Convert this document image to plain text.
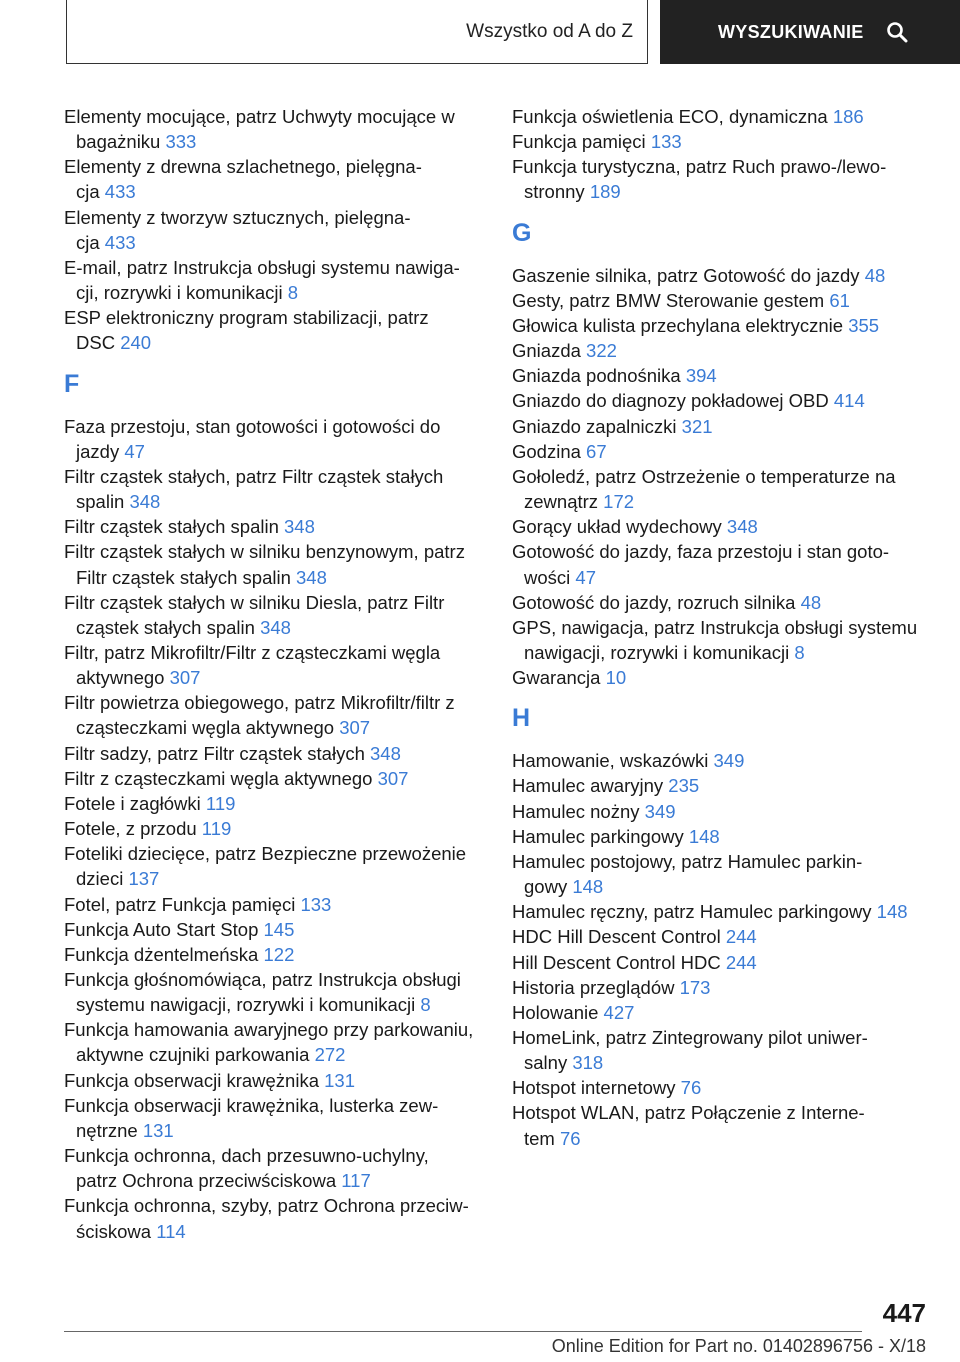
Wszystko od A do Z	WYSZUKIWANIE

Elementy mocujące, patrz Uchwyty mocujące w
bagażniku 333

Elementy z drewna szlachetnego, pielęgna-
cja 433

Elementy z tworzyw sztucznych, pielęgna-
cja 433

E-mail, patrz Instrukcja obsługi systemu nawiga-
cji, rozrywki i komunikacji 8

ESP elektroniczny program stabilizacji, patrz
DSC 240

F

Faza przestoju, stan gotowości i gotowości do
jazdy 47

Filtr cząstek stałych, patrz Filtr cząstek stałych
spalin 348

Filtr cząstek stałych spalin 348

Filtr cząstek stałych w silniku benzynowym, patrz
Filtr cząstek stałych spalin 348

Filtr cząstek stałych w silniku Diesla, patrz Filtr
cząstek stałych spalin 348

Filtr, patrz Mikrofiltr/Filtr z cząsteczkami węgla
aktywnego 307

Filtr powietrza obiegowego, patrz Mikrofiltr/filtr z
cząsteczkami węgla aktywnego 307

Filtr sadzy, patrz Filtr cząstek stałych 348

Filtr z cząsteczkami węgla aktywnego 307

Fotele i zagłówki 119

Fotele, z przodu 119

Foteliki dziecięce, patrz Bezpieczne przewożenie
dzieci 137

Fotel, patrz Funkcja pamięci 133

Funkcja Auto Start Stop 145

Funkcja dżentelmeńska 122

Funkcja głośnomówiąca, patrz Instrukcja obsługi
systemu nawigacji, rozrywki i komunikacji 8

Funkcja hamowania awaryjnego przy parkowaniu,
aktywne czujniki parkowania 272

Funkcja obserwacji krawężnika 131

Funkcja obserwacji krawężnika, lusterka zew-
nętrzne 131

Funkcja ochronna, dach przesuwno-uchylny,
patrz Ochrona przeciwściskowa 117

Funkcja ochronna, szyby, patrz Ochrona przeciw-
ściskowa 114

Funkcja oświetlenia ECO, dynamiczna 186

Funkcja pamięci 133

Funkcja turystyczna, patrz Ruch prawo-/lewo-
stronny 189

G

Gaszenie silnika, patrz Gotowość do jazdy 48

Gesty, patrz BMW Sterowanie gestem 61

Głowica kulista przechylana elektrycznie 355

Gniazda 322

Gniazda podnośnika 394

Gniazdo do diagnozy pokładowej OBD 414

Gniazdo zapalniczki 321

Godzina 67

Gołoledź, patrz Ostrzeżenie o temperaturze na
zewnątrz 172

Gorący układ wydechowy 348

Gotowość do jazdy, faza przestoju i stan goto-
wości 47

Gotowość do jazdy, rozruch silnika 48

GPS, nawigacja, patrz Instrukcja obsługi systemu
nawigacji, rozrywki i komunikacji 8

Gwarancja 10

H

Hamowanie, wskazówki 349

Hamulec awaryjny 235

Hamulec nożny 349

Hamulec parkingowy 148

Hamulec postojowy, patrz Hamulec parkin-
gowy 148

Hamulec ręczny, patrz Hamulec parkingowy 148

HDC Hill Descent Control 244

Hill Descent Control HDC 244

Historia przeglądów 173

Holowanie 427

HomeLink, patrz Zintegrowany pilot uniwer-
salny 318

Hotspot internetowy 76

Hotspot WLAN, patrz Połączenie z Interne-
tem 76

447
Online Edition for Part no. 01402896756 - X/18
